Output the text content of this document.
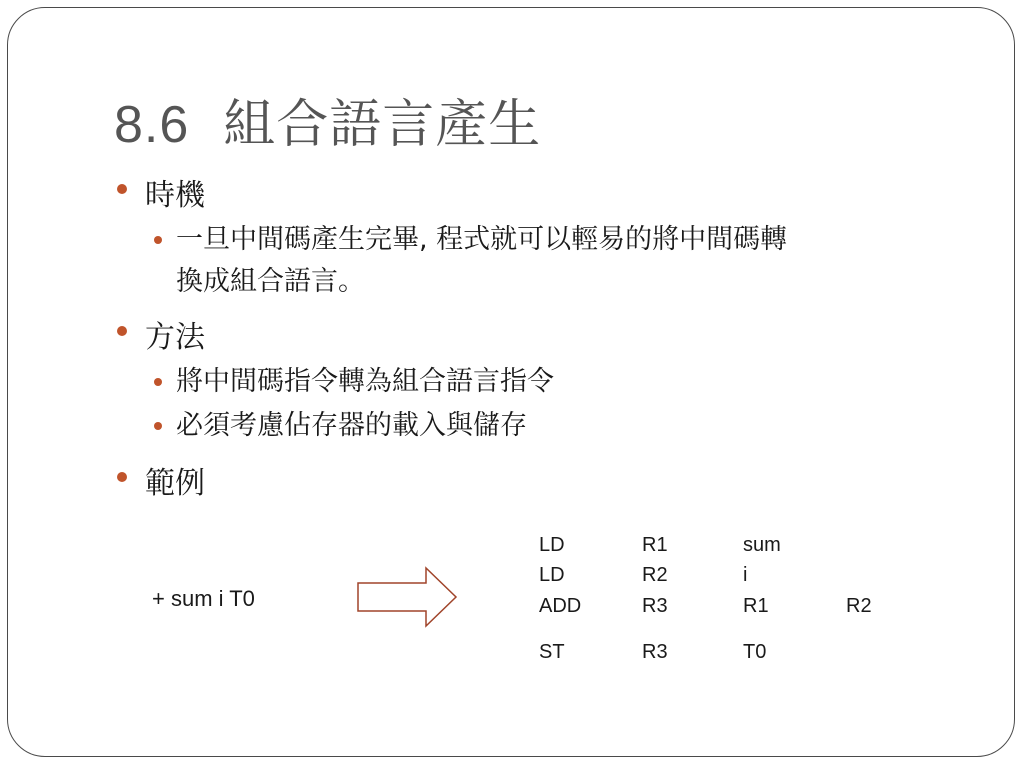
8.6 組合語言產生
時機
一旦中間碼產生完畢, 程式就可以輕易的將中間碼轉
換成組合語言。
方法
將中間碼指令轉為組合語言指令
必須考慮佔存器的載入與儲存
範例
+ sum i T0
LD	R1	sum
LD	R2	i
ADD	R3	R1	R2
ST	R3	T0
